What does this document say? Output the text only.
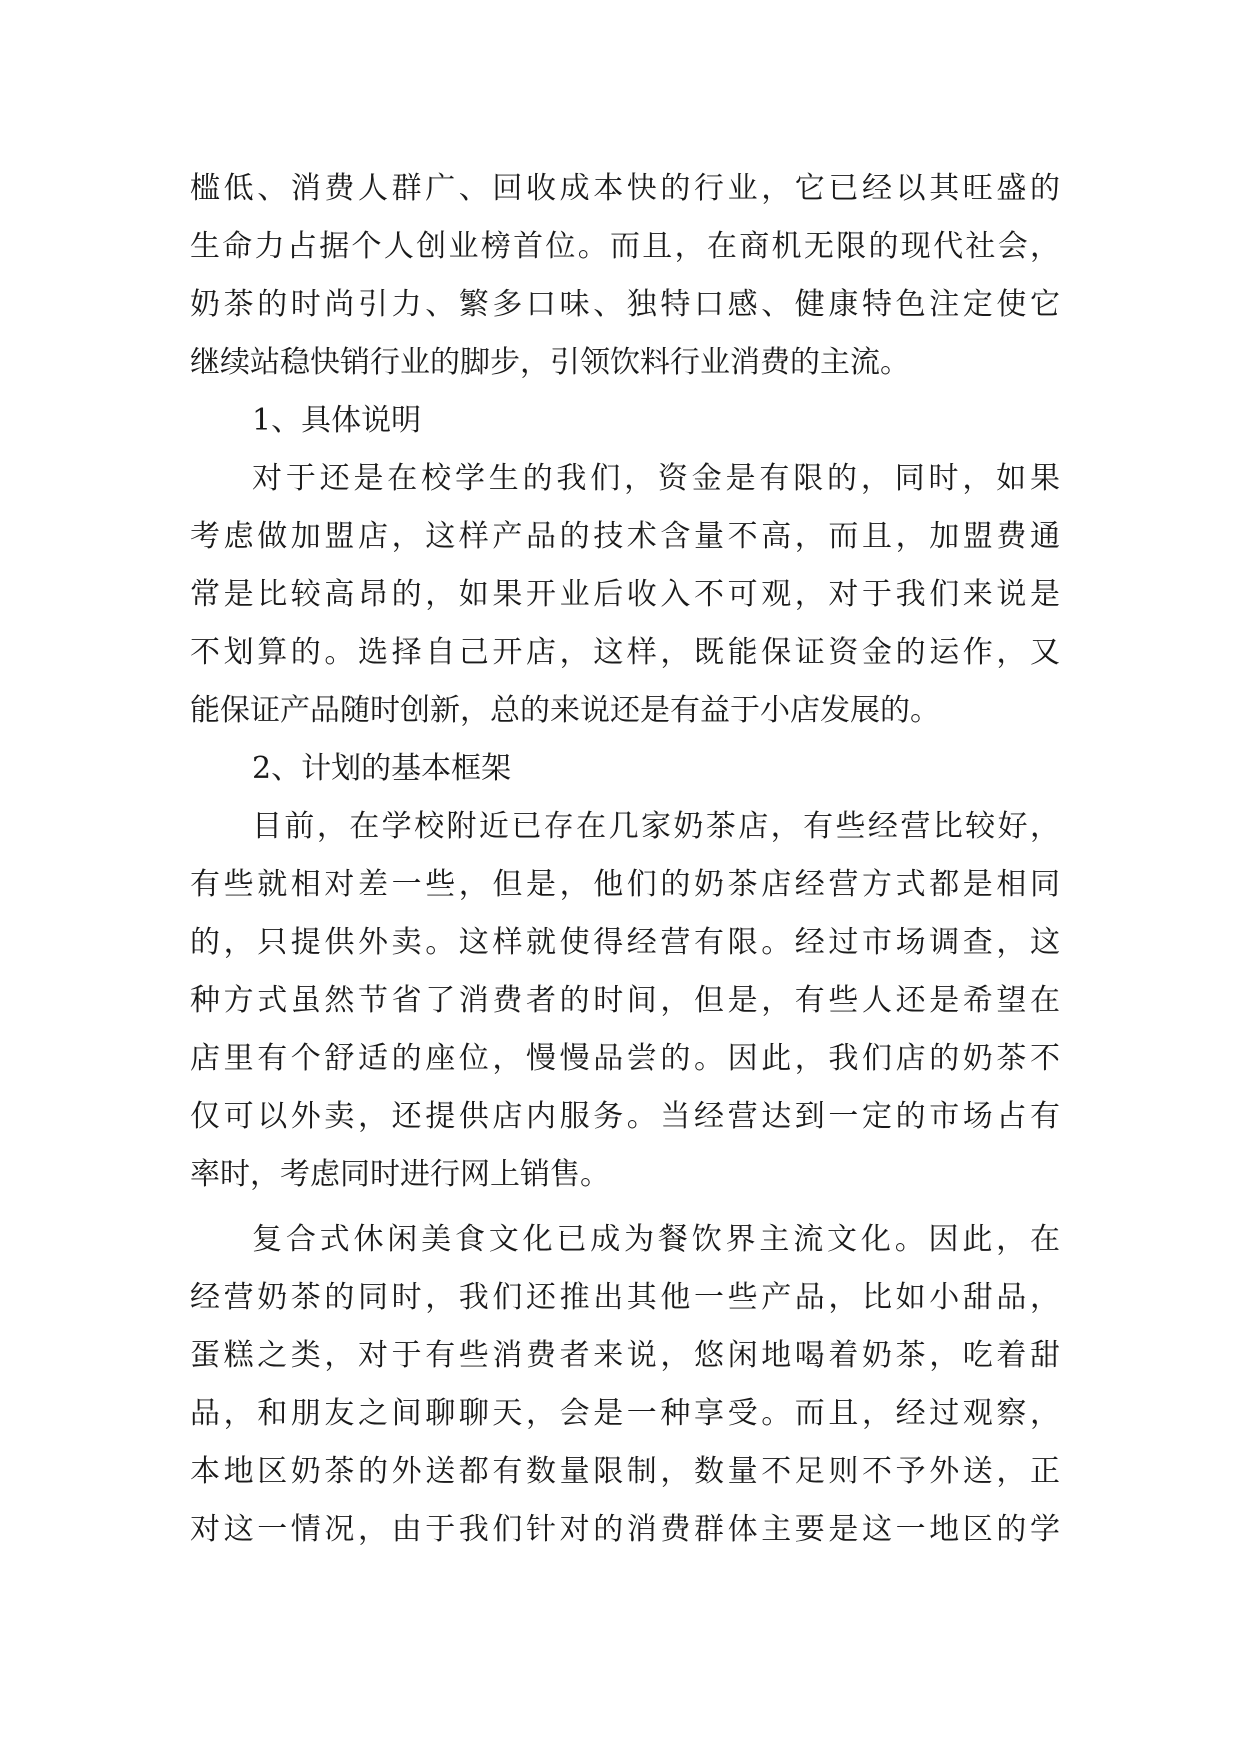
槛低、消费人群广、回收成本快的行业，它已经以其旺盛的
生命力占据个人创业榜首位。而且，在商机无限的现代社会，
奶茶的时尚引力、繁多口味、独特口感、健康特色注定使它
继续站稳快销行业的脚步，引领饮料行业消费的主流。
1、具体说明
对于还是在校学生的我们，资金是有限的，同时，如果
考虑做加盟店，这样产品的技术含量不高，而且，加盟费通
常是比较高昂的，如果开业后收入不可观，对于我们来说是
不划算的。选择自己开店，这样，既能保证资金的运作，又
能保证产品随时创新，总的来说还是有益于小店发展的。
2、计划的基本框架
目前，在学校附近已存在几家奶茶店，有些经营比较好，
有些就相对差一些，但是，他们的奶茶店经营方式都是相同
的，只提供外卖。这样就使得经营有限。经过市场调查，这
种方式虽然节省了消费者的时间，但是，有些人还是希望在
店里有个舒适的座位，慢慢品尝的。因此，我们店的奶茶不
仅可以外卖，还提供店内服务。当经营达到一定的市场占有
率时，考虑同时进行网上销售。
复合式休闲美食文化已成为餐饮界主流文化。因此，在
经营奶茶的同时，我们还推出其他一些产品，比如小甜品，
蛋糕之类，对于有些消费者来说，悠闲地喝着奶茶，吃着甜
品，和朋友之间聊聊天，会是一种享受。而且，经过观察，
本地区奶茶的外送都有数量限制，数量不足则不予外送，正
对这一情况，由于我们针对的消费群体主要是这一地区的学
